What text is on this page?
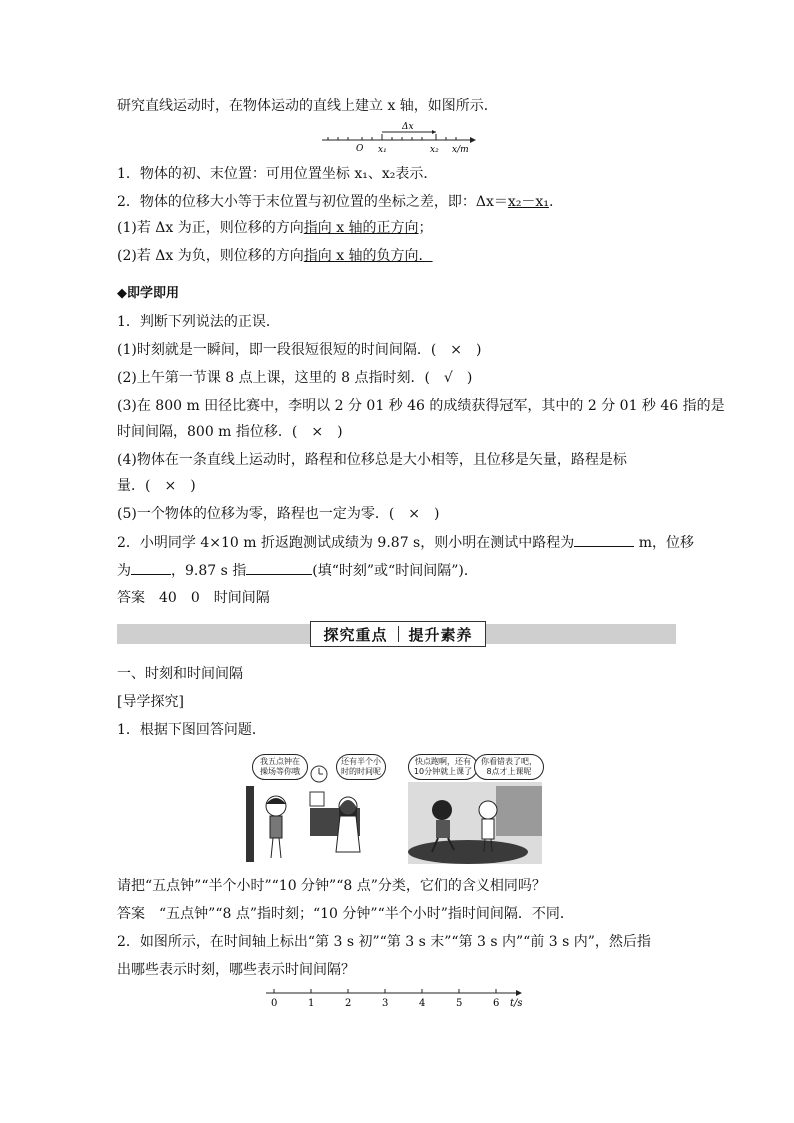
研究直线运动时，在物体运动的直线上建立 x 轴，如图所示．
Δx
O x₁	x₂ x/m
1．物体的初、末位置：可用位置坐标 x₁、x₂表示．
2．物体的位移大小等于末位置与初位置的坐标之差，即：Δx＝x₂－x₁.
(1)若 Δx 为正，则位移的方向指向 x 轴的正方向；
(2)若 Δx 为负，则位移的方向指向 x 轴的负方向．
◆即学即用
1．判断下列说法的正误．
(1)时刻就是一瞬间，即一段很短很短的时间间隔．(　×　)
(2)上午第一节课 8 点上课，这里的 8 点指时刻．(　√　)
(3)在 800 m 田径比赛中，李明以 2 分 01 秒 46 的成绩获得冠军，其中的 2 分 01 秒 46 指的是
时间间隔，800 m 指位移．(　×　)
(4)物体在一条直线上运动时，路程和位移总是大小相等，且位移是矢量，路程是标
量．(　×　)
(5)一个物体的位移为零，路程也一定为零．(　×　)
2．小明同学 4×10 m 折返跑测试成绩为 9.87 s，则小明在测试中路程为	m，位移
为	，9.87 s 指	(填“时刻”或“时间间隔”)．
答案　40　0　时间间隔
探究重点 提升素养
一、时刻和时间间隔
[导学探究]
1．根据下图回答问题．
我五点钟在操场等你哦
还有半个小时的时间呢
快点跑啊，还有10分钟就上课了
你看错表了吧，8点才上课呢
请把“五点钟”“半个小时”“10 分钟”“8 点”分类，它们的含义相同吗？
答案　“五点钟”“8 点”指时刻；“10 分钟”“半个小时”指时间间隔．不同．
2．如图所示，在时间轴上标出“第 3 s 初”“第 3 s 末”“第 3 s 内”“前 3 s 内”，然后指
出哪些表示时刻，哪些表示时间间隔？
0	1	2	3	4	5	6 t/s
